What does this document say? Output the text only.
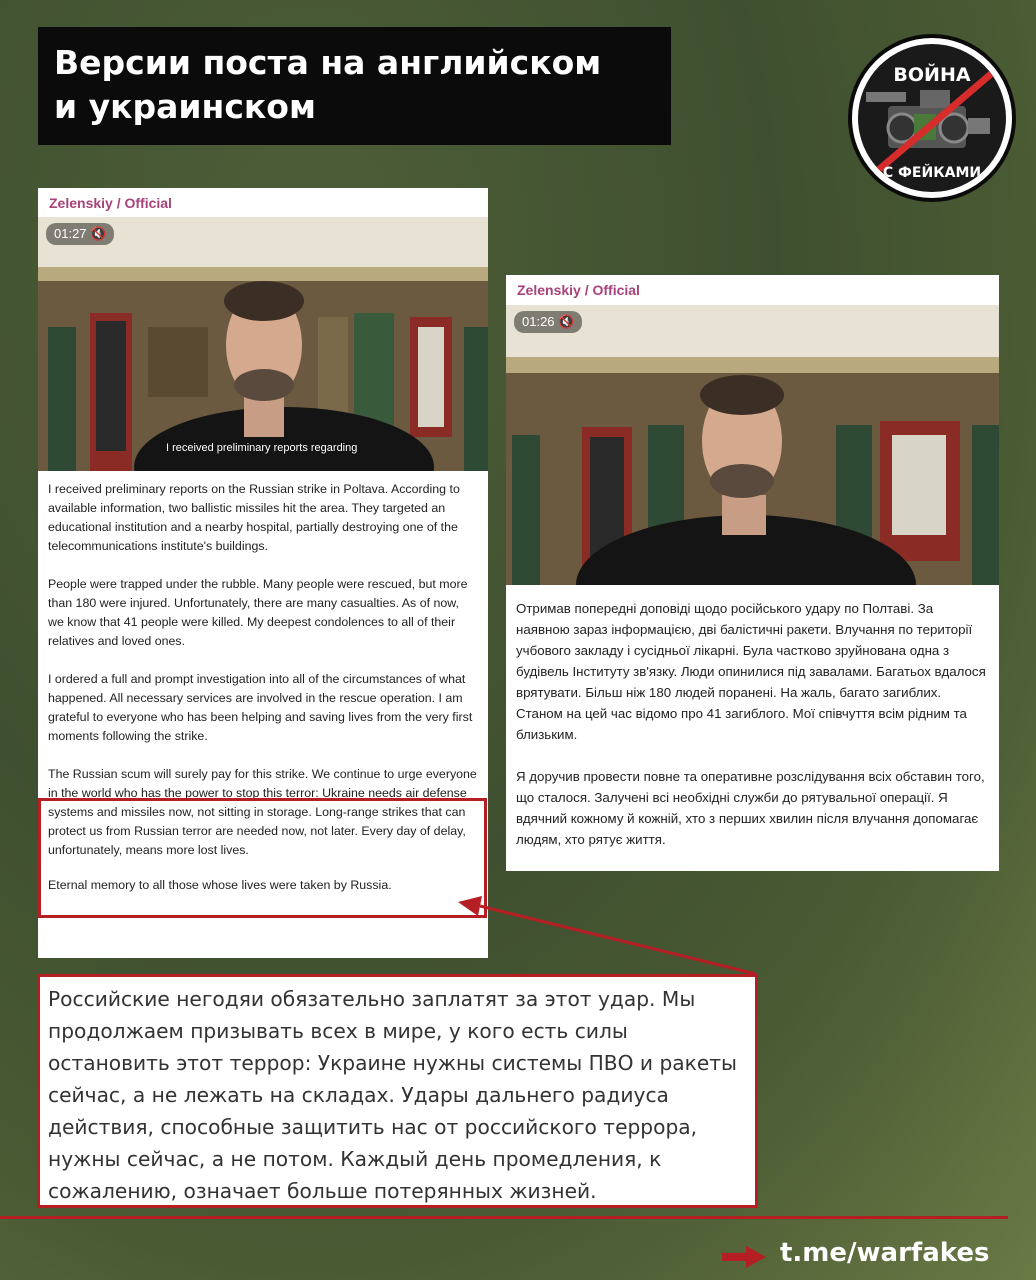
Версии поста на английском
и украинском
ВОЙНА
С ФЕЙКАМИ
Zelenskiy / Official
01:27 🔇
I received preliminary reports regarding

I received preliminary reports on the Russian strike in Poltava. According to available information, two ballistic missiles hit the area. They targeted an educational institution and a nearby hospital, partially destroying one of the telecommunications institute's buildings.

People were trapped under the rubble. Many people were rescued, but more than 180 were injured. Unfortunately, there are many casualties. As of now, we know that 41 people were killed. My deepest condolences to all of their relatives and loved ones.

I ordered a full and prompt investigation into all of the circumstances of what happened. All necessary services are involved in the rescue operation. I am grateful to everyone who has been helping and saving lives from the very first moments following the strike.

The Russian scum will surely pay for this strike. We continue to urge everyone in the world who has the power to stop this terror: Ukraine needs air defense systems and missiles now, not sitting in storage. Long-range strikes that can protect us from Russian terror are needed now, not later. Every day of delay, unfortunately, means more lost lives.

Eternal memory to all those whose lives were taken by Russia.

Zelenskiy / Official
01:26 🔇

Отримав попередні доповіді щодо російського удару по Полтаві. За наявною зараз інформацією, дві балістичні ракети. Влучання по території учбового закладу і сусідньої лікарні. Була частково зруйнована одна з будівель Інституту зв'язку. Люди опинилися під завалами. Багатьох вдалося врятувати. Більш ніж 180 людей поранені. На жаль, багато загиблих. Станом на цей час відомо про 41 загиблого. Мої співчуття всім рідним та близьким.

Я доручив провести повне та оперативне розслідування всіх обставин того, що сталося. Залучені всі необхідні служби до рятувальної операції. Я вдячний кожному й кожній, хто з перших хвилин після влучання допомагає людям, хто рятує життя.

Российские негодяи обязательно заплатят за этот удар. Мы продолжаем призывать всех в мире, у кого есть силы остановить этот террор: Украине нужны системы ПВО и ракеты сейчас, а не лежать на складах. Удары дальнего радиуса действия, способные защитить нас от российского террора, нужны сейчас, а не потом. Каждый день промедления, к сожалению, означает больше потерянных жизней.
t.me/warfakes
